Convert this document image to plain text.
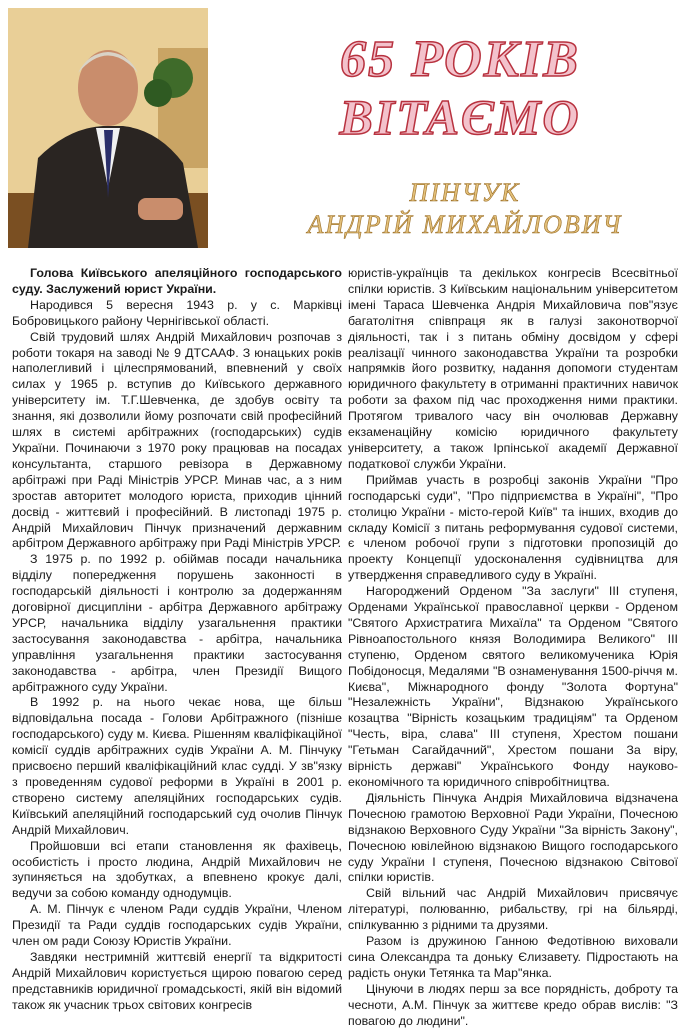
65 РОКІВ
ВІТАЄМО
ПІНЧУК
АНДРІЙ МИХАЙЛОВИЧ
Голова Київського апеляційного господарського суду. Заслужений юрист України.

Народився 5 вересня 1943 р. у с. Марківці Бобровицького району Чернігівської області.

Свій трудовий шлях Андрій Михайлович розпочав з роботи токаря на заводі № 9 ДТСААФ. З юнацьких років наполегливий і цілеспрямований, впевнений у своїх силах у 1965 р. вступив до Київського державного університету ім. Т.Г.Шевченка, де здобув освіту та знання, які дозволили йому розпочати свій професійний шлях в системі арбітражних (господарських) судів України. Починаючи з 1970 року працював на посадах консультанта, старшого ревізора в Державному арбітражі при Раді Міністрів УРСР. Минав час, а з ним зростав авторитет молодого юриста, приходив цінний досвід - життєвий і професійний. В листопаді 1975 р. Андрій Михайлович Пінчук призначений державним арбітром Державного арбітражу при Раді Міністрів УРСР.

З 1975 р. по 1992 р. обіймав посади начальника відділу попередження порушень законності в господарській діяльності і контролю за додержанням договірної дисципліни - арбітра Державного арбітражу УРСР, начальника відділу узагальнення практики застосування законодавства - арбітра, начальника управління узагальнення практики застосування законодавства - арбітра, член Президії Вищого арбітражного суду України.

В 1992 р. на нього чекає нова, ще більш відповідальна посада - Голови Арбітражного (пізніше господарського) суду м. Києва. Рішенням кваліфікаційної комісії суддів арбітражних судів України А. М. Пінчуку присвоєно перший кваліфікаційний клас судді. У зв"язку з проведенням судової реформи в Україні в 2001 р. створено систему апеляційних господарських судів. Київський апеляційний господарський суд очолив Пінчук Андрій Михайлович.

Пройшовши всі етапи становлення як фахівець, особистість і просто людина, Андрій Михайлович не зупиняється на здобутках, а впевнено крокує далі, ведучи за собою команду однодумців.

А. М. Пінчук є членом Ради суддів України, Членом Президії та Ради суддів господарських судів України, член ом ради Союзу Юристів України.

Завдяки нестримній життєвій енергії та відкритості Андрій Михайлович користується щирою повагою серед представників юридичної громадськості, якій він відомий також як учасник трьох світових конгресів

юристів-українців та декількох конгресів Всесвітньої спілки юристів. З Київським національним університетом імені Тараса Шевченка Андрія Михайловича пов"язує багатолітня співпраця як в галузі законотворчої діяльності, так і з питань обміну досвідом у сфері реалізації чинного законодавства України та розробки напрямків його розвитку, надання допомоги студентам юридичного факультету в отриманні практичних навичок роботи за фахом під час проходження ними практики. Протягом тривалого часу він очолював Державну екзаменаційну комісію юридичного факультету університету, а також Ірпінської академії Державної податкової служби України.

Приймав участь в розробці законів України "Про господарські суди", "Про підприємства в Україні", "Про столицю України - місто-герой Київ" та інших, входив до складу Комісії з питань реформування судової системи, є членом робочої групи з підготовки пропозицій до проекту Концепції удосконалення судівництва для утвердження справедливого суду в Україні.

Нагороджений Орденом "За заслуги" III ступеня, Орденами Української православної церкви - Орденом "Святого Архистратига Михаїла" та Орденом "Святого Рівноапостольного князя Володимира Великого" III ступеню, Орденом святого великомученика Юрія Побідоносця, Медалями "В ознаменування 1500-річчя м. Києва", Міжнародного фонду "Золота Фортуна" "Незалежність України", Відзнакою Українського козацтва "Вірність козацьким традиціям" та Орденом "Честь, віра, слава" III ступеня, Хрестом пошани "Гетьман Сагайдачний", Хрестом пошани За віру, вірність державі" Українського Фонду науково-економічного та юридичного співробітництва.

Діяльність Пінчука Андрія Михайловича відзначена Почесною грамотою Верховної Ради України, Почесною відзнакою Верховного Суду України "За вірність Закону", Почесною ювілейною відзнакою Вищого господарського суду України І ступеня, Почесною відзнакою Світової спілки юристів.

Свій вільний час Андрій Михайлович присвячує літературі, полюванню, рибальству, грі на більярді, спілкуванню з рідними та друзями.

Разом із дружиною Ганною Федотівною виховали сина Олександра та доньку Єлизавету. Підростають на радість онуки Тетянка та Мар"янка.

Цінуючи в людях перш за все порядність, доброту та чесноти, А.М. Пінчук за життєве кредо обрав вислів: "З повагою до людини".
